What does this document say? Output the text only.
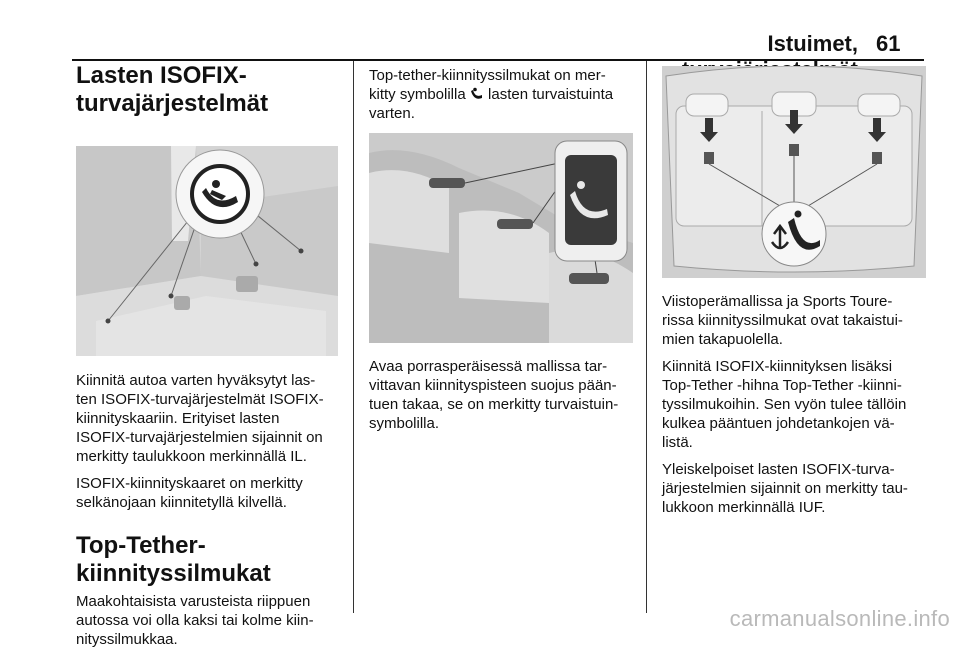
Istuimet, 61
Lasten ISOFIX-
turvajärjestelmät

Kiinnitä autoa varten hyväksytyt las-
ten ISOFIX-turvajärjestelmät ISOFIX-
kiinnityskaariin. Erityiset lasten
ISOFIX-turvajärjestelmien sijainnit on
merkitty taulukkoon merkinnällä IL.

ISOFIX-kiinnityskaaret on merkitty
selkänojaan kiinnitetyllä kilvellä.

Top-Tether-
kiinnityssilmukat

Maakohtaisista varusteista riippuen
autossa voi olla kaksi tai kolme kiin-
nityssilmukkaa.

Top-tether-kiinnityssilmukat on mer-
kitty symbolilla lasten turvaistuinta
varten.

Avaa porrasperäisessä mallissa tar-
vittavan kiinnityspisteen suojus pään-
tuen takaa, se on merkitty turvaistuin-
symbolilla.

Viistoperämallissa ja Sports Toure-
rissa kiinnityssilmukat ovat takaistui-
mien takapuolella.

Kiinnitä ISOFIX-kiinnityksen lisäksi
Top-Tether -hihna Top-Tether -kiinni-
tyssilmukoihin. Sen vyön tulee tällöin
kulkea pääntuen johdetankojen vä-
listä.

Yleiskelpoiset lasten ISOFIX-turva-
järjestelmien sijainnit on merkitty tau-
lukkoon merkinnällä IUF.

carmanualsonline.info
